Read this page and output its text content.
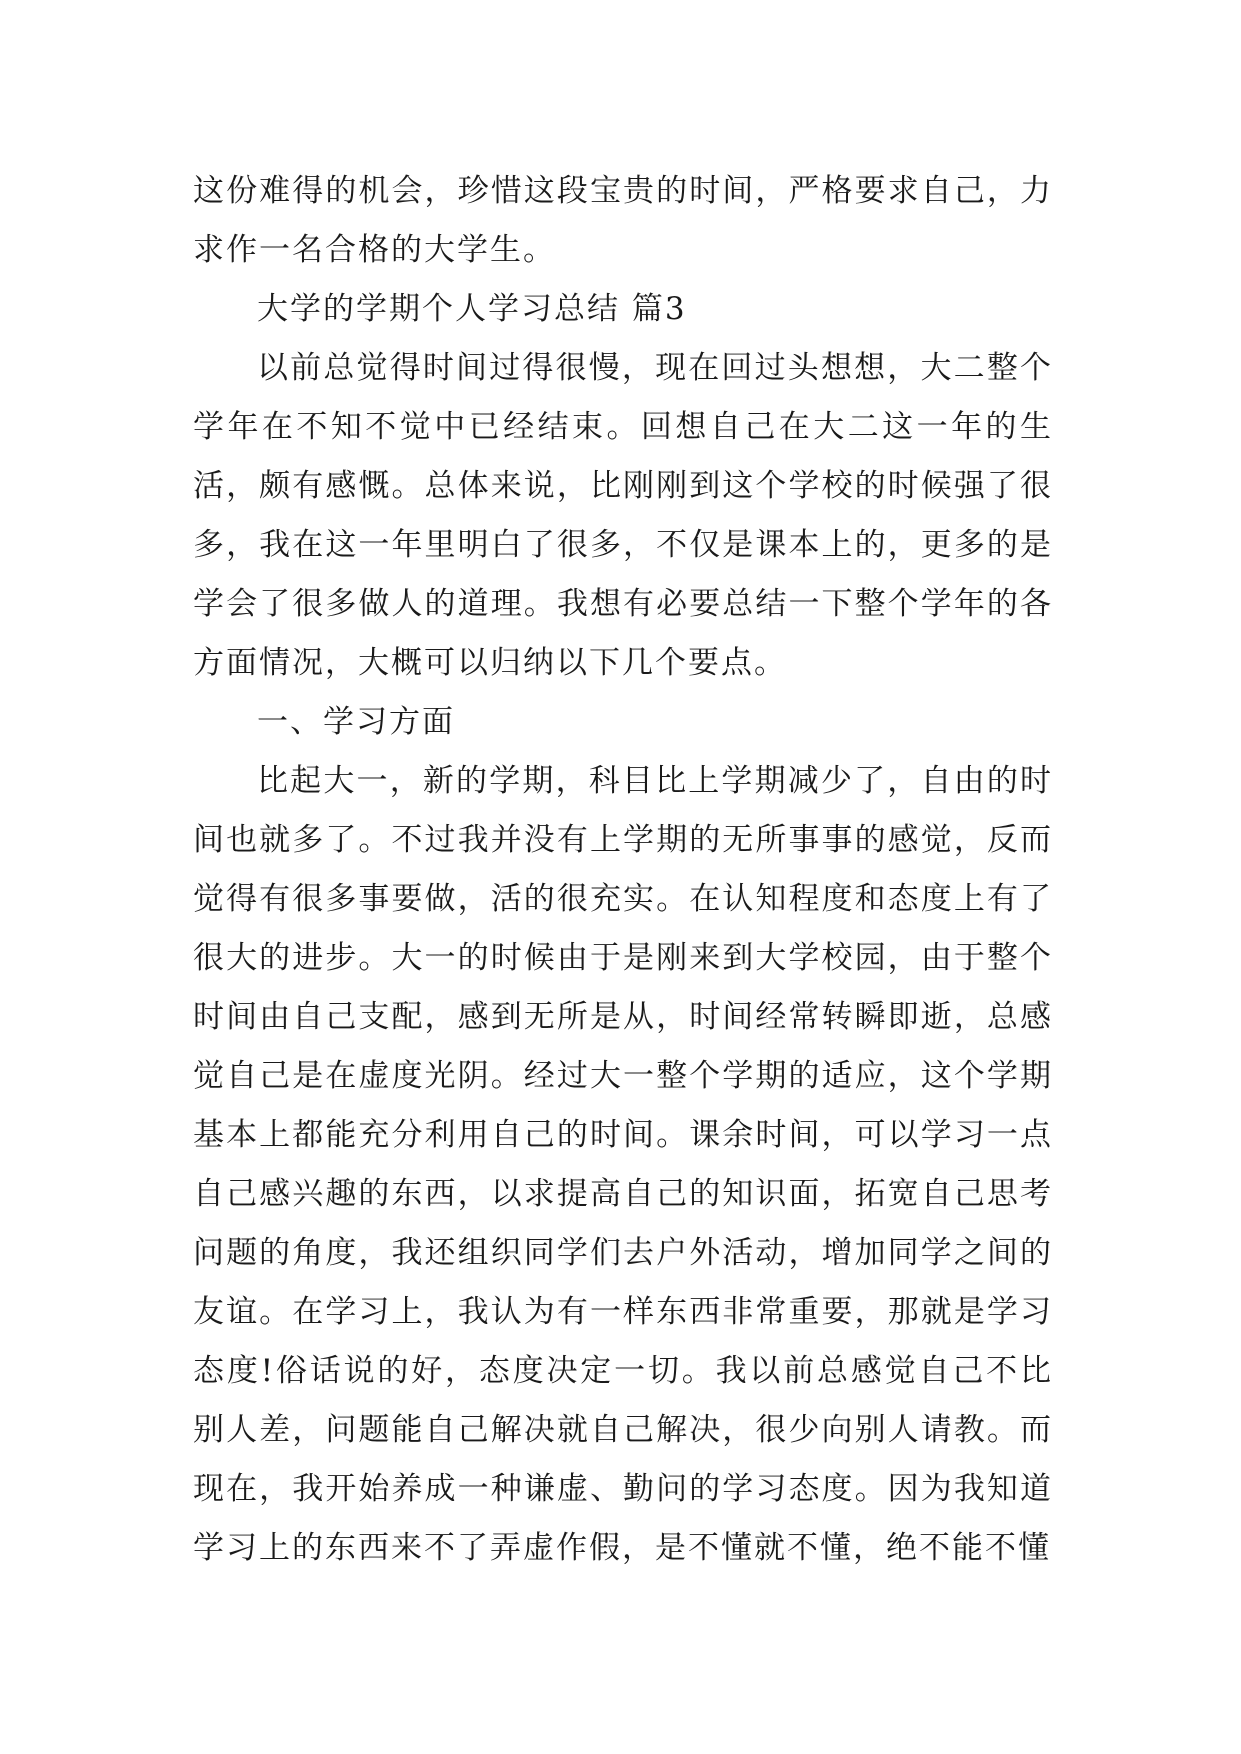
这份难得的机会，珍惜这段宝贵的时间，严格要求自己，力求作一名合格的大学生。

大学的学期个人学习总结 篇3

以前总觉得时间过得很慢，现在回过头想想，大二整个学年在不知不觉中已经结束。回想自己在大二这一年的生活，颇有感慨。总体来说，比刚刚到这个学校的时候强了很多，我在这一年里明白了很多，不仅是课本上的，更多的是学会了很多做人的道理。我想有必要总结一下整个学年的各方面情况，大概可以归纳以下几个要点。

一、学习方面

比起大一，新的学期，科目比上学期减少了，自由的时间也就多了。不过我并没有上学期的无所事事的感觉，反而觉得有很多事要做，活的很充实。在认知程度和态度上有了很大的进步。大一的时候由于是刚来到大学校园，由于整个时间由自己支配，感到无所是从，时间经常转瞬即逝，总感觉自己是在虚度光阴。经过大一整个学期的适应，这个学期基本上都能充分利用自己的时间。课余时间，可以学习一点自己感兴趣的东西，以求提高自己的知识面，拓宽自己思考问题的角度，我还组织同学们去户外活动，增加同学之间的友谊。在学习上，我认为有一样东西非常重要，那就是学习态度!俗话说的好，态度决定一切。我以前总感觉自己不比别人差，问题能自己解决就自己解决，很少向别人请教。而现在，我开始养成一种谦虚、勤问的学习态度。因为我知道学习上的东西来不了弄虚作假，是不懂就不懂，绝不能不懂
